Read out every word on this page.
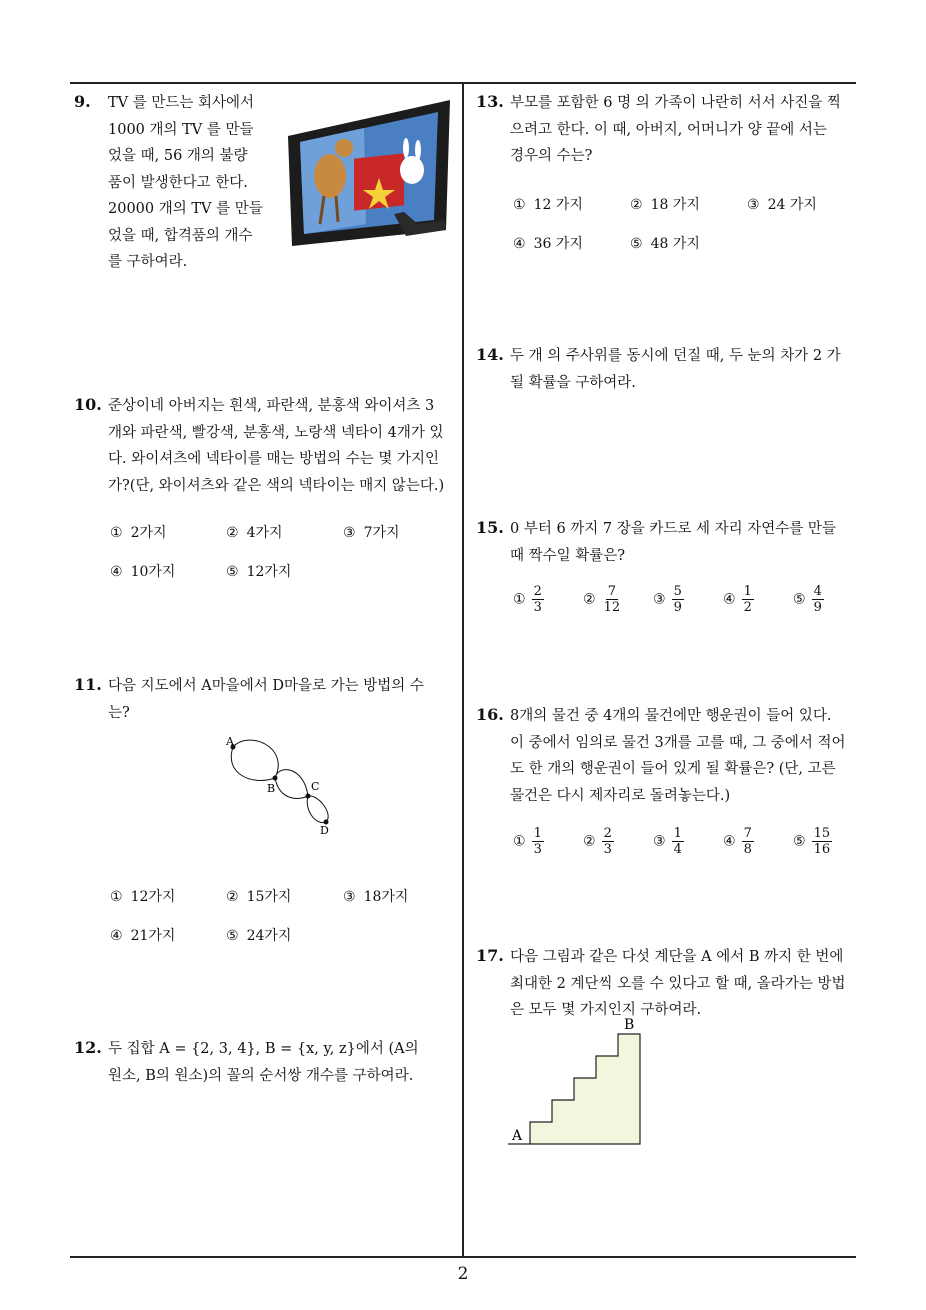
9. TV 를 만드는 회사에서
1000 개의 TV 를 만들
었을 때, 56 개의 불량
품이 발생한다고 한다.
20000 개의 TV 를 만들
었을 때, 합격품의 개수
를 구하여라.
10. 준상이네 아버지는 흰색, 파란색, 분홍색 와이셔츠 3
개와 파란색, 빨강색, 분홍색, 노랑색 넥타이 4개가 있
다. 와이셔츠에 넥타이를 매는 방법의 수는 몇 가지인
가?(단, 와이셔츠와 같은 색의 넥타이는 매지 않는다.)
① 2가지	② 4가지	③ 7가지
④ 10가지	⑤ 12가지
11. 다음 지도에서 A마을에서 D마을로 가는 방법의 수
는?
A
B	C
D
① 12가지	② 15가지	③ 18가지
④ 21가지	⑤ 24가지
12. 두 집합 A = {2, 3, 4}, B = {x, y, z}에서 (A의
원소, B의 원소)의 꼴의 순서쌍 개수를 구하여라.
13. 부모를 포함한 6 명 의 가족이 나란히 서서 사진을 찍
으려고 한다. 이 때, 아버지, 어머니가 양 끝에 서는
경우의 수는?
① 12 가지	② 18 가지	③ 24 가지
④ 36 가지	⑤ 48 가지
14. 두 개 의 주사위를 동시에 던질 때, 두 눈의 차가 2 가
될 확률을 구하여라.
15. 0 부터 6 까지 7 장을 카드로 세 자리 자연수를 만들
때 짝수일 확률은?
① $\frac{2}{3}$	② $\frac{7}{12}$ ③ $\frac{5}{9}$	④ $\frac{1}{2}$	⑤ $\frac{4}{9}$
16. 8개의 물건 중 4개의 물건에만 행운권이 들어 있다.
이 중에서 임의로 물건 3개를 고를 때, 그 중에서 적어
도 한 개의 행운권이 들어 있게 될 확률은? (단, 고른
물건은 다시 제자리로 돌려놓는다.)
① $\frac{1}{3}$	② $\frac{2}{3}$	③ $\frac{1}{4}$	④ $\frac{7}{8}$	⑤ $\frac{15}{16}$
17. 다음 그림과 같은 다섯 계단을 A 에서 B 까지 한 번에
최대한 2 계단씩 오를 수 있다고 할 때, 올라가는 방법
은 모두 몇 가지인지 구하여라.
A
B
2
